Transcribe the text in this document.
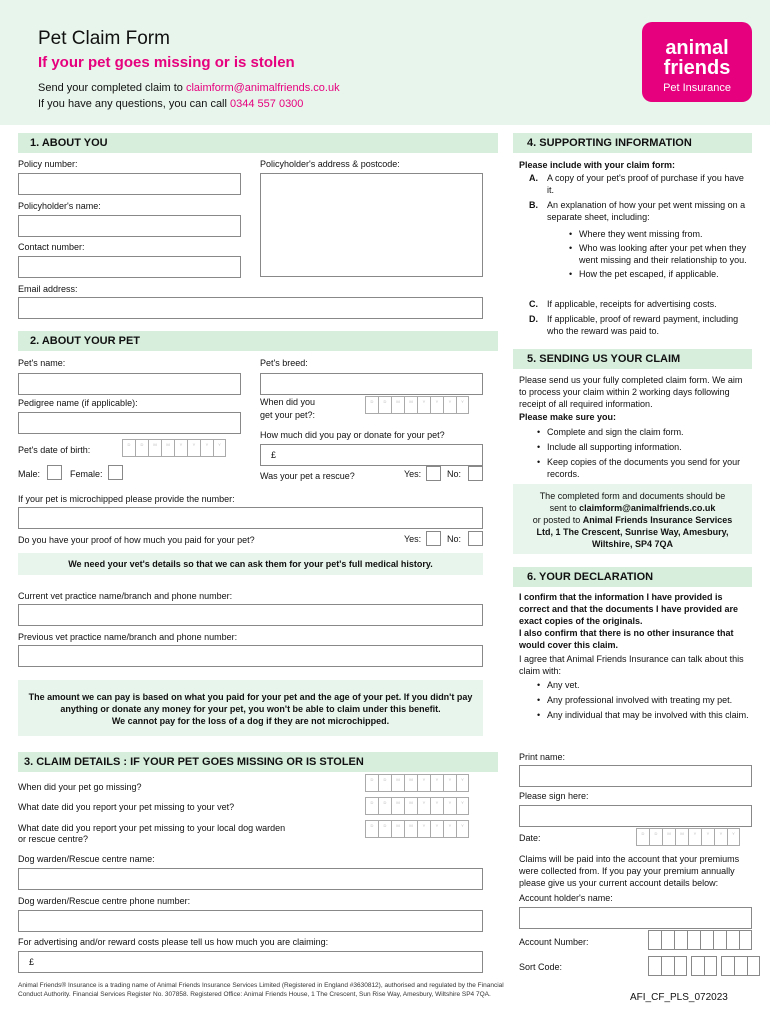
Pet Claim Form
If your pet goes missing or is stolen
Send your completed claim to claimform@animalfriends.co.uk
If you have any questions, you can call 0344 557 0300
animal
friends
Pet Insurance
1. ABOUT YOU
Policy number:	Policyholder's address & postcode:
Policyholder's name:
Contact number:
Email address:
2. ABOUT YOUR PET
Pet's name:	Pet's breed:
Pedigree name (if applicable):	When did you
get your pet?:
D	D	M	M	Y	Y	Y	Y
How much did you pay or donate for your pet?
£
Pet's date of birth:
D	D	M	M	Y	Y	Y	Y
Male:	Female:	Was your pet a rescue?	Yes:	No:
If your pet is microchipped please provide the number:
Do you have your proof of how much you paid for your pet?	Yes:	No:
We need your vet's details so that we can ask them for your pet's full medical history.
Current vet practice name/branch and phone number:
Previous vet practice name/branch and phone number:
The amount we can pay is based on what you paid for your pet and the age of your pet. If you didn't pay
anything or donate any money for your pet, you won't be able to claim under this benefit.
We cannot pay for the loss of a dog if they are not microchipped.
3. CLAIM DETAILS : IF YOUR PET GOES MISSING OR IS STOLEN
When did your pet go missing?
D	D	M	M	Y	Y	Y	Y
What date did you report your pet missing to your vet?	D	D	M	M	Y	Y	Y	Y
What date did you report your pet missing to your local dog warden
or rescue centre?
D	D	M	M	Y	Y	Y	Y
Dog warden/Rescue centre name:
Dog warden/Rescue centre phone number:
For advertising and/or reward costs please tell us how much you are claiming:
£
4. SUPPORTING INFORMATION
Please include with your claim form:
A. A copy of your pet's proof of purchase if you have it.
B. An explanation of how your pet went missing on a separate sheet, including:
• Where they went missing from.
• Who was looking after your pet when they went missing and their relationship to you.
• How the pet escaped, if applicable.
C. If applicable, receipts for advertising costs.
D. If applicable, proof of reward payment, including who the reward was paid to.
5. SENDING US YOUR CLAIM
Please send us your fully completed claim form. We aim to process your claim within 2 working days following receipt of all required information.
Please make sure you:
• Complete and sign the claim form.
• Include all supporting information.
• Keep copies of the documents you send for your records.
The completed form and documents should be
sent to claimform@animalfriends.co.uk
or posted to Animal Friends Insurance Services
Ltd, 1 The Crescent, Sunrise Way, Amesbury,
Wiltshire, SP4 7QA
6. YOUR DECLARATION
I confirm that the information I have provided is correct and that the documents I have provided are exact copies of the originals.
I also confirm that there is no other insurance that would cover this claim.
I agree that Animal Friends Insurance can talk about this claim with:
• Any vet.
• Any professional involved with treating my pet.
• Any individual that may be involved with this claim.
Print name:
Please sign here:
Date:	D	D	M	M	Y	Y	Y	Y
Claims will be paid into the account that your premiums were collected from. If you pay your premium annually please give us your current account details below:
Account holder's name:
Account Number:
Sort Code:
Animal Friends® Insurance is a trading name of Animal Friends Insurance Services Limited (Registered in England #3630812), authorised and regulated by the Financial Conduct Authority. Financial Services Register No. 307858. Registered Office: Animal Friends House, 1 The Crescent, Sun Rise Way, Amesbury, Wiltshire SP4 7QA.	AFI_CF_PLS_072023
